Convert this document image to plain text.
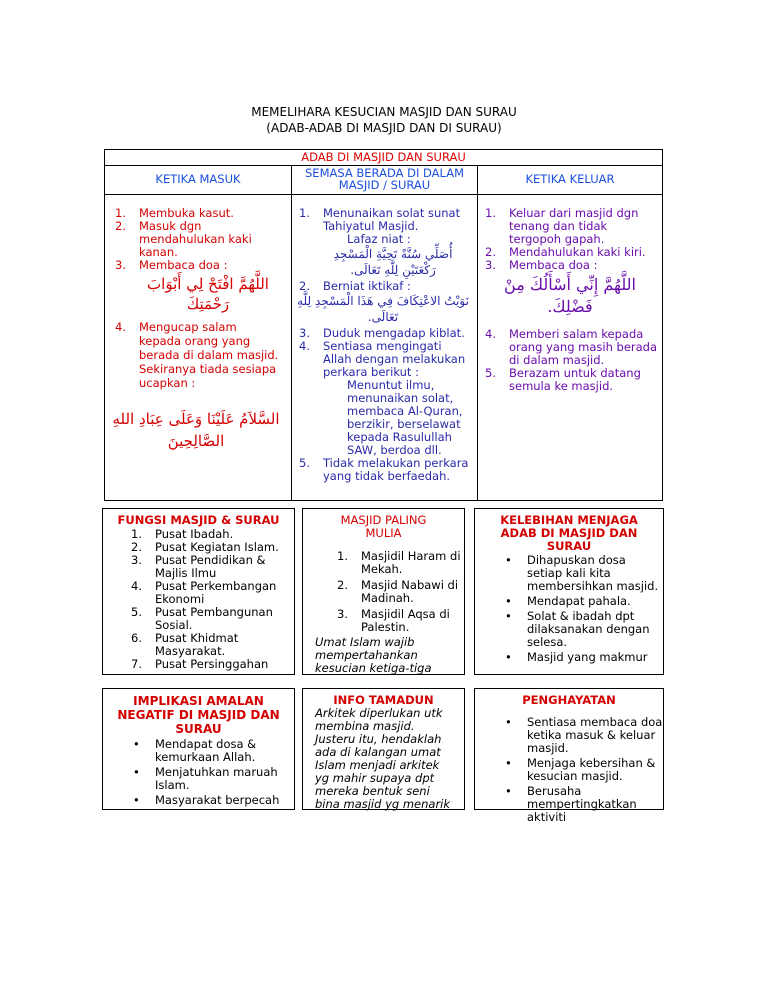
MEMELIHARA KESUCIAN MASJID DAN SURAU
(ADAB-ADAB DI MASJID DAN DI SURAU)
ADAB DI MASJID DAN SURAU
KETIKA MASUK	SEMASA BERADA DI DALAM MASJID / SURAU	KETIKA KELUAR
1. Membuka kasut.
2. Masuk dgn mendahulukan kaki kanan.
3. Membaca doa :
اللَّهُمَّ افْتَحْ لِي أَبْوَابَ رَحْمَتِكَ
4. Mengucap salam kepada orang yang berada di dalam masjid. Sekiranya tiada sesiapa ucapkan :
السَّلاَمُ عَلَيْنَا وَعَلَى عِبَادِ اللهِ الصَّالِحِينَ
1. Menunaikan solat sunat Tahiyatul Masjid.
Lafaz niat :
أُصَلِّي سُنَّةً تَحِيَّةِ الْمَسْجِدِ رَكْعَتَيْنِ لِلَّهِ تَعَالَى.
2. Berniat iktikaf :
نَوَيْتُ الاعْتِكَافَ فِي هَذَا الْمَسْجِدِ لِلَّهِ تَعَالَى.
3. Duduk mengadap kiblat.
4. Sentiasa mengingati Allah dengan melakukan perkara berikut :
Menuntut ilmu, menunaikan solat, membaca Al-Quran, berzikir, berselawat kepada Rasulullah SAW, berdoa dll.
5. Tidak melakukan perkara yang tidak berfaedah.
1. Keluar dari masjid dgn tenang dan tidak tergopoh gapah.
2. Mendahulukan kaki kiri.
3. Membaca doa :
اللَّهُمَّ إِنِّي أَسْأَلُكَ مِنْ فَضْلِكَ.
4. Memberi salam kepada orang yang masih berada di dalam masjid.
5. Berazam untuk datang semula ke masjid.
FUNGSI MASJID & SURAU
1. Pusat Ibadah.
2. Pusat Kegiatan Islam.
3. Pusat Pendidikan & Majlis Ilmu
4. Pusat Perkembangan Ekonomi
5. Pusat Pembangunan Sosial.
6. Pusat Khidmat Masyarakat.
7. Pusat Persinggahan
MASJID PALING MULIA
1. Masjidil Haram di Mekah.
2. Masjid Nabawi di Madinah.
3. Masjidil Aqsa di Palestin.
Umat Islam wajib mempertahankan kesucian ketiga-tiga
KELEBIHAN MENJAGA ADAB DI MASJID DAN SURAU
• Dihapuskan dosa setiap kali kita membersihkan masjid.
• Mendapat pahala.
• Solat & ibadah dpt dilaksanakan dengan selesa.
• Masjid yang makmur
IMPLIKASI AMALAN NEGATIF DI MASJID DAN SURAU
• Mendapat dosa & kemurkaan Allah.
• Menjatuhkan maruah Islam.
• Masyarakat berpecah
INFO TAMADUN
Arkitek diperlukan utk membina masjid. Justeru itu, hendaklah ada di kalangan umat Islam menjadi arkitek yg mahir supaya dpt mereka bentuk seni bina masjid yg menarik
PENGHAYATAN
• Sentiasa membaca doa ketika masuk & keluar masjid.
• Menjaga kebersihan & kesucian masjid.
• Berusaha mempertingkatkan aktiviti
